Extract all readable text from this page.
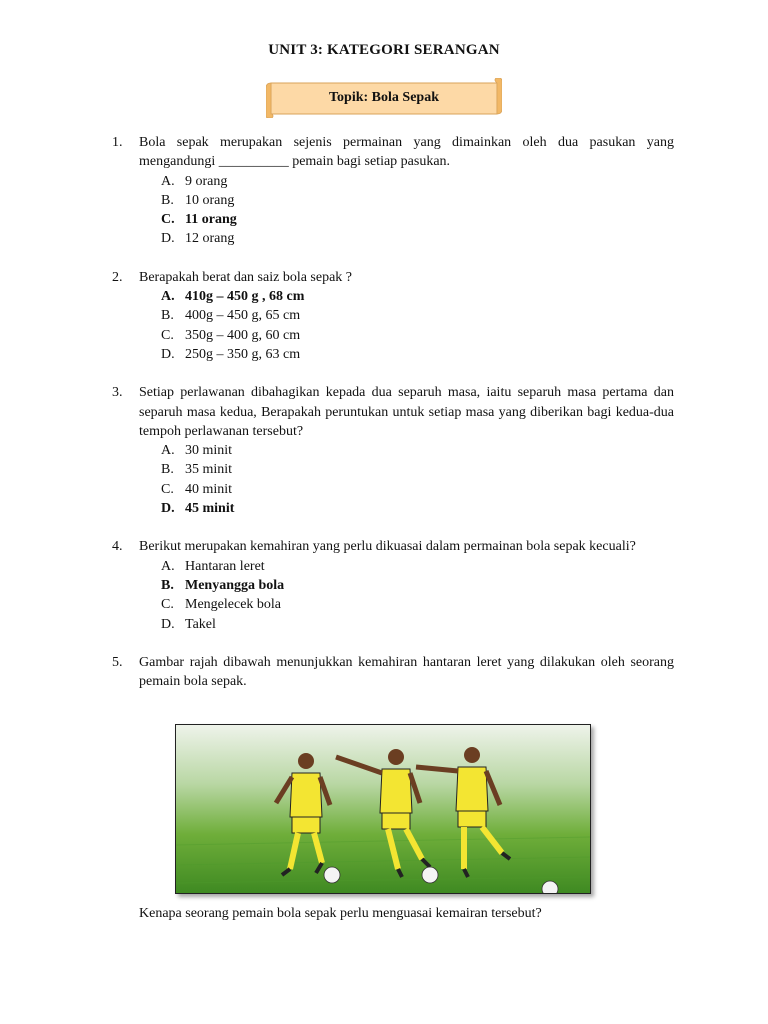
UNIT 3: KATEGORI SERANGAN
Topik: Bola Sepak
1.	Bola sepak merupakan sejenis permainan yang dimainkan oleh dua pasukan yang mengandungi __________ pemain bagi setiap pasukan.
A. 9 orang
B. 10 orang
C. 11 orang
D. 12 orang
2.	Berapakah berat dan saiz bola sepak ?
A. 410g – 450 g , 68 cm
B. 400g – 450 g, 65 cm
C. 350g – 400 g, 60 cm
D. 250g – 350 g, 63 cm
3.	Setiap perlawanan dibahagikan kepada dua separuh masa, iaitu separuh masa pertama dan separuh masa kedua, Berapakah peruntukan untuk setiap masa yang diberikan bagi kedua-dua tempoh perlawanan tersebut?
A. 30 minit
B. 35 minit
C. 40 minit
D. 45 minit
4.	Berikut merupakan kemahiran yang perlu dikuasai dalam permainan bola sepak kecuali?
A. Hantaran leret
B. Menyangga bola
C. Mengelecek bola
D. Takel
5.	Gambar rajah dibawah menunjukkan kemahiran hantaran leret yang dilakukan oleh seorang pemain bola sepak.
Kenapa seorang pemain bola sepak perlu menguasai kemairan tersebut?
